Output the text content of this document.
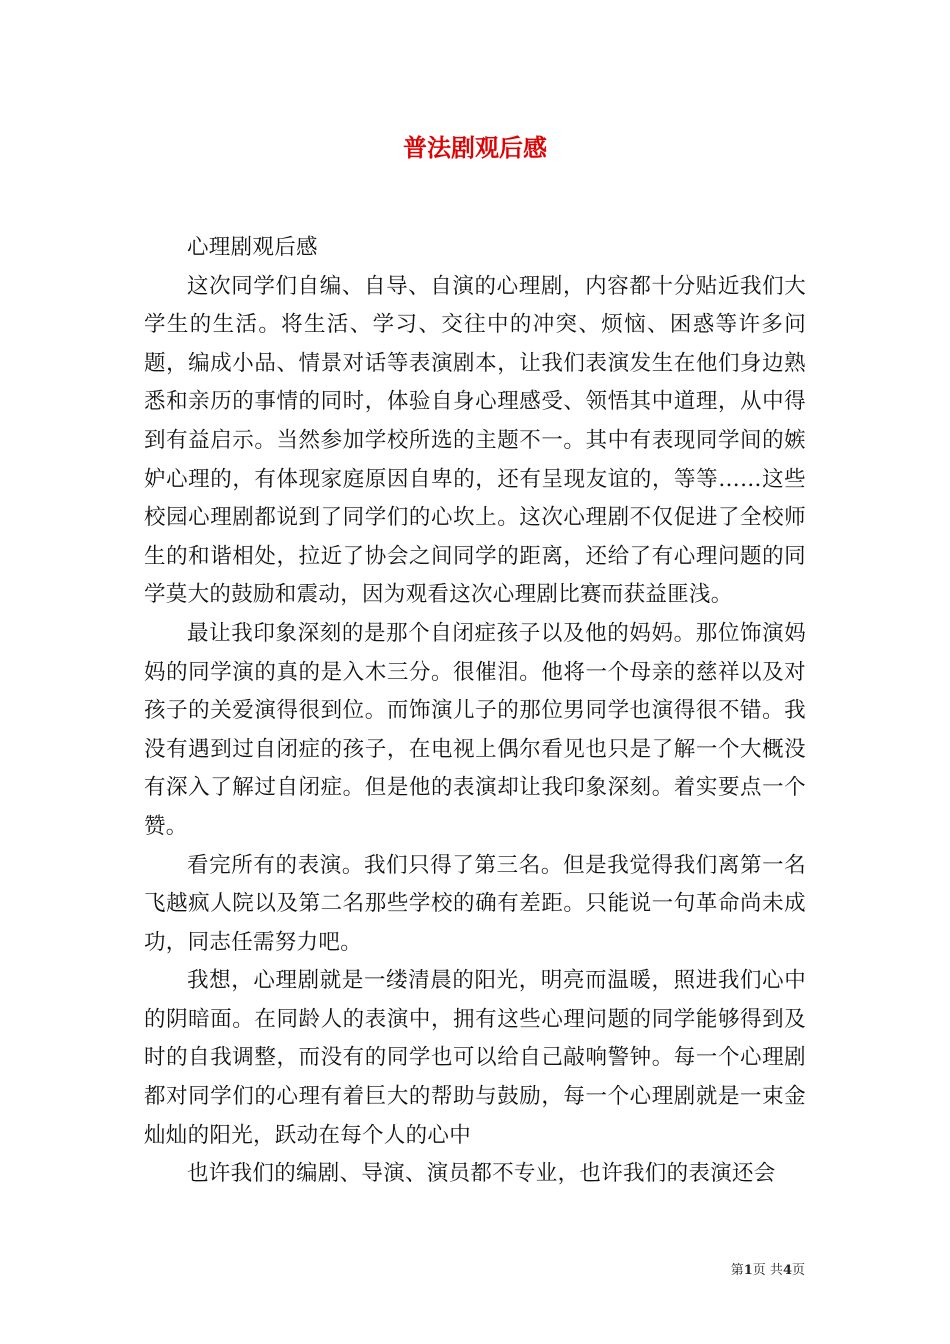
普法剧观后感

心理剧观后感

这次同学们自编、自导、自演的心理剧，内容都十分贴近我们大学生的生活。将生活、学习、交往中的冲突、烦恼、困惑等许多问题，编成小品、情景对话等表演剧本，让我们表演发生在他们身边熟悉和亲历的事情的同时，体验自身心理感受、领悟其中道理，从中得到有益启示。当然参加学校所选的主题不一。其中有表现同学间的嫉妒心理的，有体现家庭原因自卑的，还有呈现友谊的，等等……这些校园心理剧都说到了同学们的心坎上。这次心理剧不仅促进了全校师生的和谐相处，拉近了协会之间同学的距离，还给了有心理问题的同学莫大的鼓励和震动，因为观看这次心理剧比赛而获益匪浅。

最让我印象深刻的是那个自闭症孩子以及他的妈妈。那位饰演妈妈的同学演的真的是入木三分。很催泪。他将一个母亲的慈祥以及对孩子的关爱演得很到位。而饰演儿子的那位男同学也演得很不错。我没有遇到过自闭症的孩子，在电视上偶尔看见也只是了解一个大概没有深入了解过自闭症。但是他的表演却让我印象深刻。着实要点一个赞。

看完所有的表演。我们只得了第三名。但是我觉得我们离第一名飞越疯人院以及第二名那些学校的确有差距。只能说一句革命尚未成功，同志任需努力吧。

我想，心理剧就是一缕清晨的阳光，明亮而温暖，照进我们心中的阴暗面。在同龄人的表演中，拥有这些心理问题的同学能够得到及时的自我调整，而没有的同学也可以给自己敲响警钟。每一个心理剧都对同学们的心理有着巨大的帮助与鼓励，每一个心理剧就是一束金灿灿的阳光，跃动在每个人的心中

也许我们的编剧、导演、演员都不专业，也许我们的表演还会

第1页 共4页
